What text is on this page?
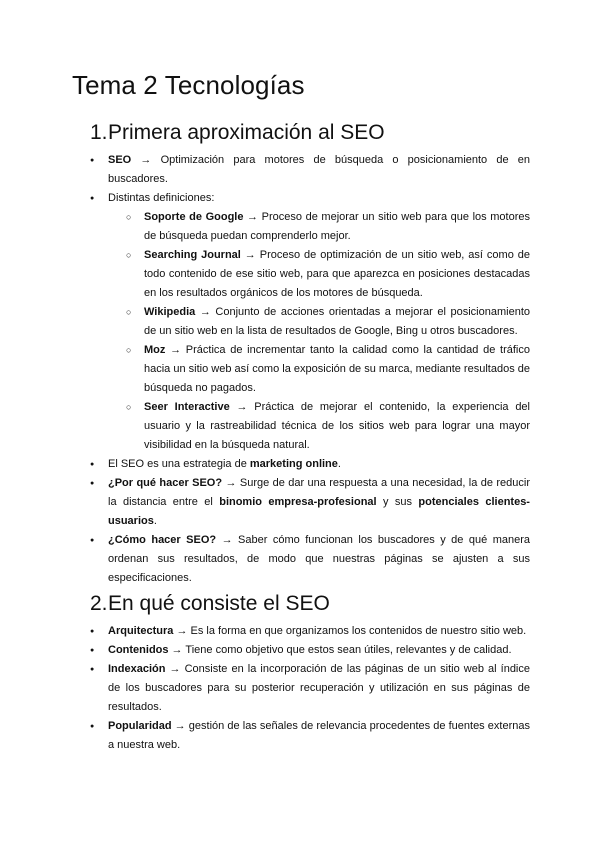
Tema 2 Tecnologías
1.Primera aproximación al SEO
● SEO → Optimización para motores de búsqueda o posicionamiento de en buscadores.
● Distintas definiciones:
○ Soporte de Google → Proceso de mejorar un sitio web para que los motores de búsqueda puedan comprenderlo mejor.
○ Searching Journal → Proceso de optimización de un sitio web, así como de todo contenido de ese sitio web, para que aparezca en posiciones destacadas en los resultados orgánicos de los motores de búsqueda.
○ Wikipedia → Conjunto de acciones orientadas a mejorar el posicionamiento de un sitio web en la lista de resultados de Google, Bing u otros buscadores.
○ Moz → Práctica de incrementar tanto la calidad como la cantidad de tráfico hacia un sitio web así como la exposición de su marca, mediante resultados de búsqueda no pagados.
○ Seer Interactive → Práctica de mejorar el contenido, la experiencia del usuario y la rastreabilidad técnica de los sitios web para lograr una mayor visibilidad en la búsqueda natural.
● El SEO es una estrategia de marketing online.
● ¿Por qué hacer SEO? → Surge de dar una respuesta a una necesidad, la de reducir la distancia entre el binomio empresa-profesional y sus potenciales clientes-usuarios.
● ¿Cómo hacer SEO? → Saber cómo funcionan los buscadores y de qué manera ordenan sus resultados, de modo que nuestras páginas se ajusten a sus especificaciones.
2.En qué consiste el SEO
● Arquitectura → Es la forma en que organizamos los contenidos de nuestro sitio web.
● Contenidos → Tiene como objetivo que estos sean útiles, relevantes y de calidad.
● Indexación → Consiste en la incorporación de las páginas de un sitio web al índice de los buscadores para su posterior recuperación y utilización en sus páginas de resultados.
● Popularidad → gestión de las señales de relevancia procedentes de fuentes externas a nuestra web.
